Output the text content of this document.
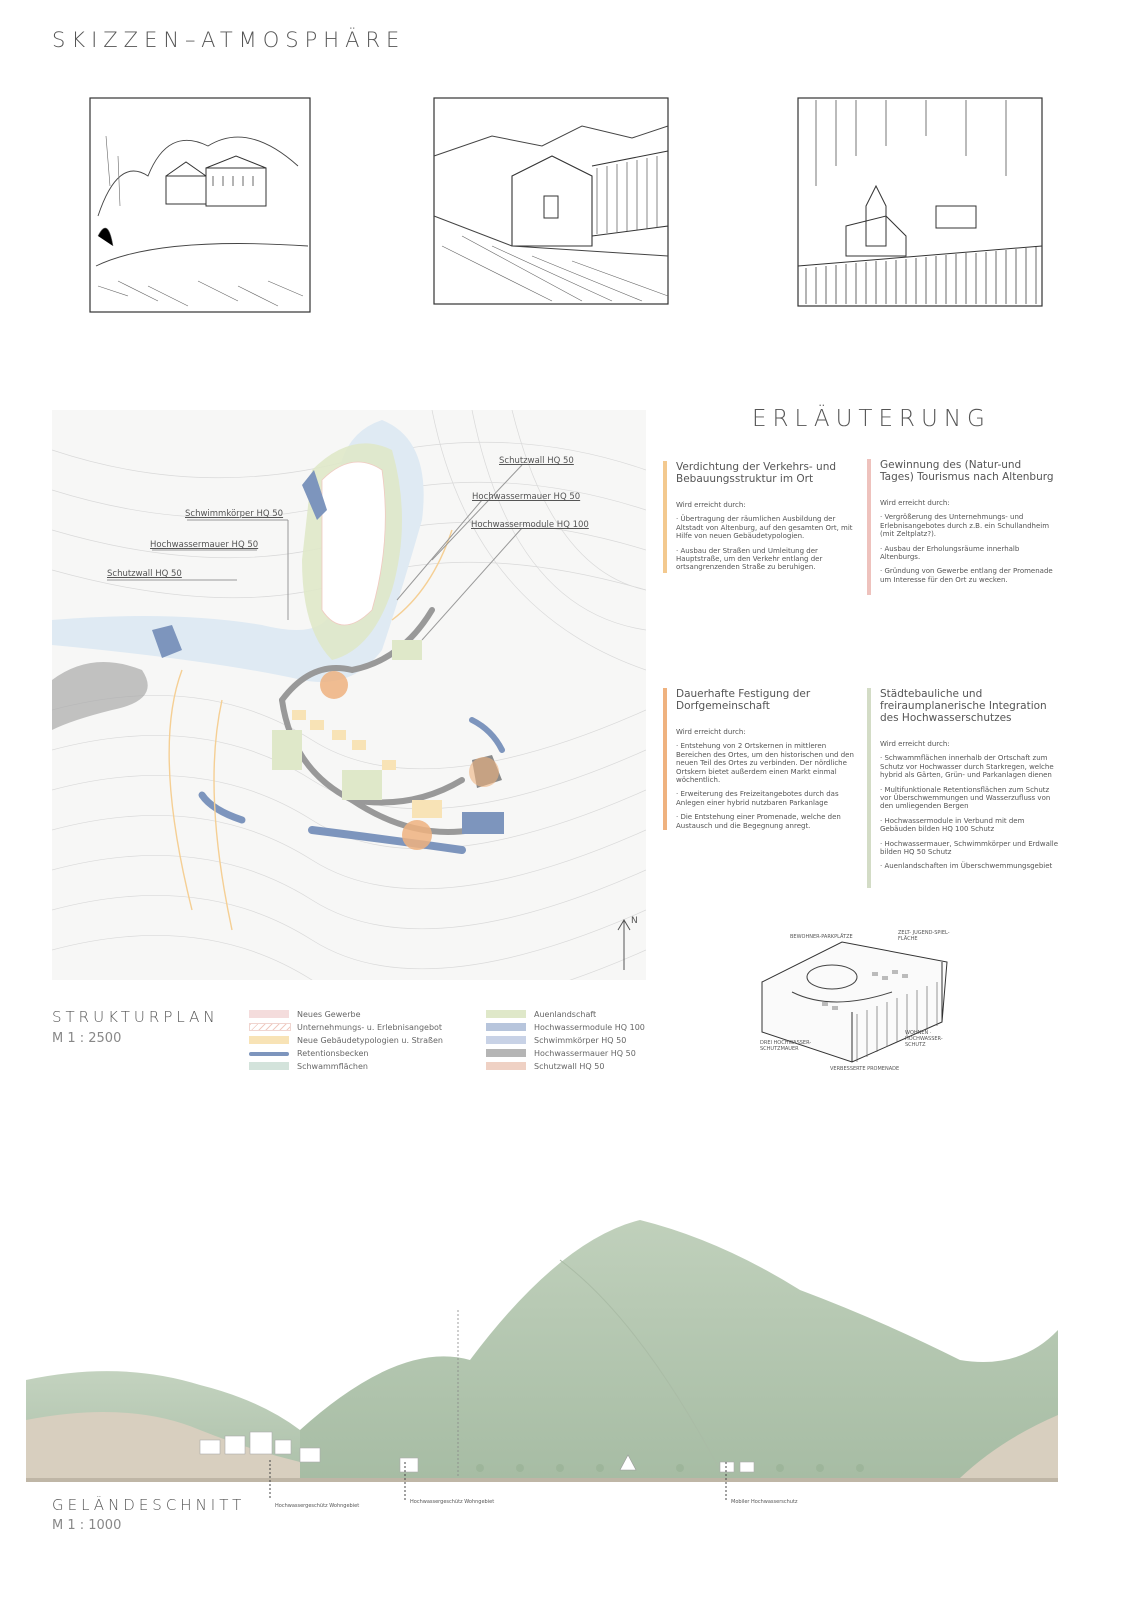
SKIZZEN–ATMOSPHÄRE
Schutzwall HQ 50
Hochwassermauer HQ 50
Hochwassermodule HQ 100
Schwimmkörper HQ 50
Hochwassermauer HQ 50
Schutzwall HQ 50
N
ERLÄUTERUNG
Verdichtung der Verkehrs- und Bebauungsstruktur im Ort

Wird erreicht durch:

· Übertragung der räumlichen Ausbildung der Altstadt von Altenburg, auf den gesamten Ort, mit Hilfe von neuen Gebäudetypologien.

· Ausbau der Straßen und Umleitung der Hauptstraße, um den Verkehr entlang der ortsangrenzenden Straße zu beruhigen.

Gewinnung des (Natur-und Tages) Tourismus nach Altenburg

Wird erreicht durch:

· Vergrößerung des Unternehmungs- und Erlebnisangebotes durch z.B. ein Schullandheim (mit Zeltplatz?).

· Ausbau der Erholungsräume innerhalb Altenburgs.

· Gründung von Gewerbe entlang der Promenade um Interesse für den Ort zu wecken.

Dauerhafte Festigung der Dorfgemeinschaft

Wird erreicht durch:

· Entstehung von 2 Ortskernen in mittleren Bereichen des Ortes, um den historischen und den neuen Teil des Ortes zu verbinden. Der nördliche Ortskern bietet außerdem einen Markt einmal wöchentlich.

· Erweiterung des Freizeitangebotes durch das Anlegen einer hybrid nutzbaren Parkanlage

· Die Entstehung einer Promenade, welche den Austausch und die Begegnung anregt.

Städtebauliche und freiraumplanerische Integration des Hochwasserschutzes

Wird erreicht durch:

· Schwammflächen innerhalb der Ortschaft zum Schutz vor Hochwasser durch Starkregen, welche hybrid als Gärten, Grün- und Parkanlagen dienen

· Multifunktionale Retentionsflächen zum Schutz vor Überschwemmungen und Wasserzufluss von den umliegenden Bergen

· Hochwassermodule in Verbund mit dem Gebäuden bilden HQ 100 Schutz

· Hochwassermauer, Schwimmkörper und Erdwalle bilden HQ 50 Schutz

· Auenlandschaften im Überschwemmungsgebiet

BEWOHNER-PARKPLÄTZE
ZELT- JUGEND-SPIEL-FLÄCHE
DREI HOCHWASSER-SCHUTZMAUER
WOHNEN · HOCHWASSER-SCHUTZ
VERBESSERTE PROMENADE
STRUKTURPLAN
M 1 : 2500
Neues Gewerbe
Unternehmungs- u. Erlebnisangebot
Neue Gebäudetypologien u. Straßen
Retentionsbecken
Schwammflächen
Auenlandschaft
Hochwassermodule HQ 100
Schwimmkörper HQ 50
Hochwassermauer HQ 50
Schutzwall HQ 50
Hochwassergeschütz Wohngebiet
Hochwassergeschütz Wohngebiet	Mobiler Hochwasserschutz
GELÄNDESCHNITT
M 1 : 1000
